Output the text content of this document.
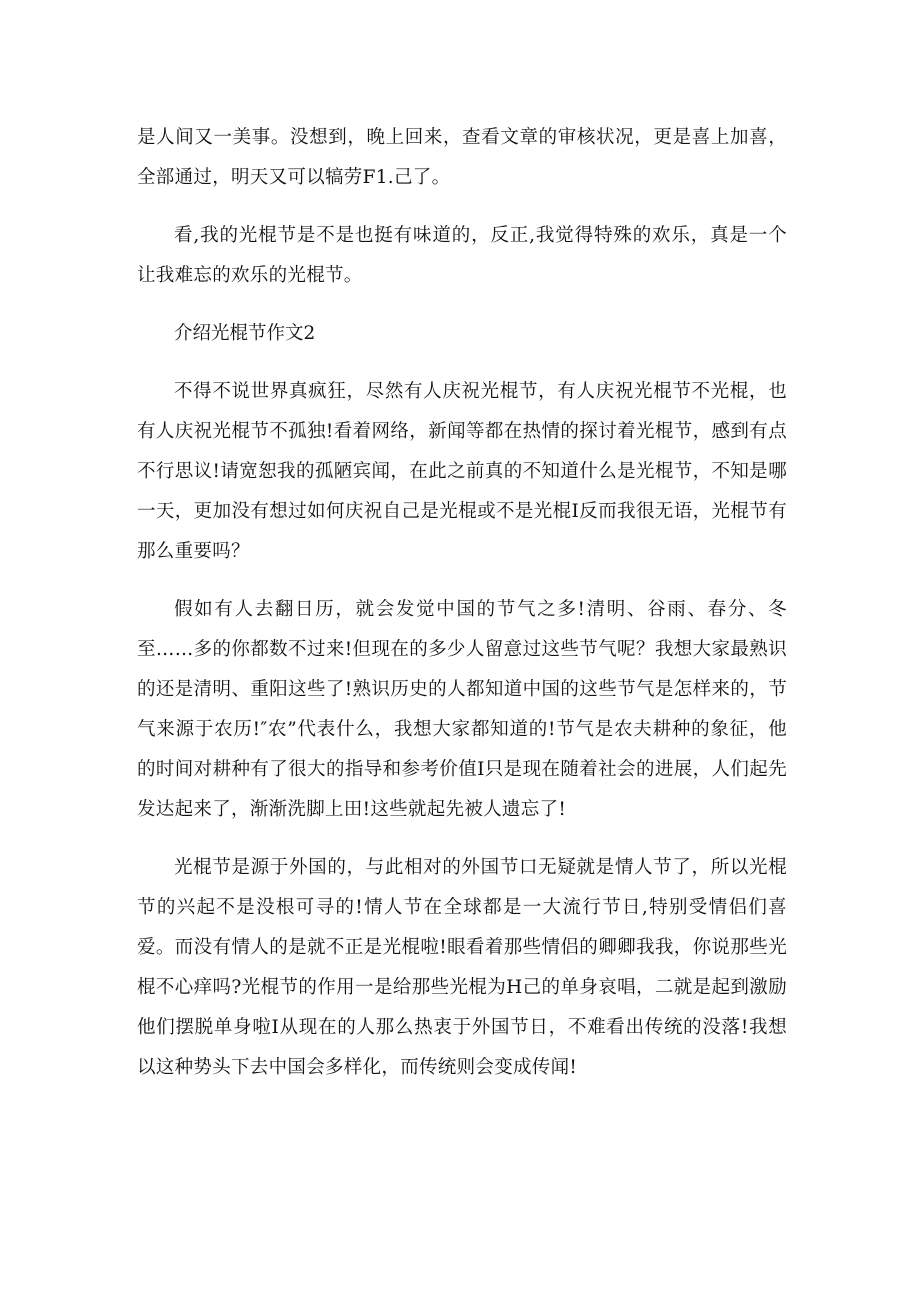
是人间又一美事。没想到，晚上回来，查看文章的审核状况，更是喜上加喜，全部通过，明天又可以犒劳F1.己了。

看,我的光棍节是不是也挺有味道的，反正,我觉得特殊的欢乐，真是一个让我难忘的欢乐的光棍节。

介绍光棍节作文2

不得不说世界真疯狂，尽然有人庆祝光棍节，有人庆祝光棍节不光棍，也有人庆祝光棍节不孤独!看着网络，新闻等都在热情的探讨着光棍节，感到有点不行思议!请宽恕我的孤陋宾闻，在此之前真的不知道什么是光棍节，不知是哪一天，更加没有想过如何庆祝自己是光棍或不是光棍I反而我很无语，光棍节有那么重要吗？

假如有人去翻日历，就会发觉中国的节气之多!清明、谷雨、春分、冬至……多的你都数不过来!但现在的多少人留意过这些节气呢？我想大家最熟识的还是清明、重阳这些了!熟识历史的人都知道中国的这些节气是怎样来的，节气来源于农历!″农”代表什么，我想大家都知道的!节气是农夫耕种的象征，他的时间对耕种有了很大的指导和参考价值I只是现在随着社会的进展，人们起先发达起来了，渐渐洗脚上田!这些就起先被人遗忘了!

光棍节是源于外国的，与此相对的外国节口无疑就是情人节了，所以光棍节的兴起不是没根可寻的!情人节在全球都是一大流行节日,特别受情侣们喜爱。而没有情人的是就不正是光棍啦!眼看着那些情侣的卿卿我我，你说那些光棍不心痒吗?光棍节的作用一是给那些光棍为H己的单身哀唱，二就是起到激励他们摆脱单身啦I从现在的人那么热衷于外国节日，不难看出传统的没落!我想以这种势头下去中国会多样化，而传统则会变成传闻!
